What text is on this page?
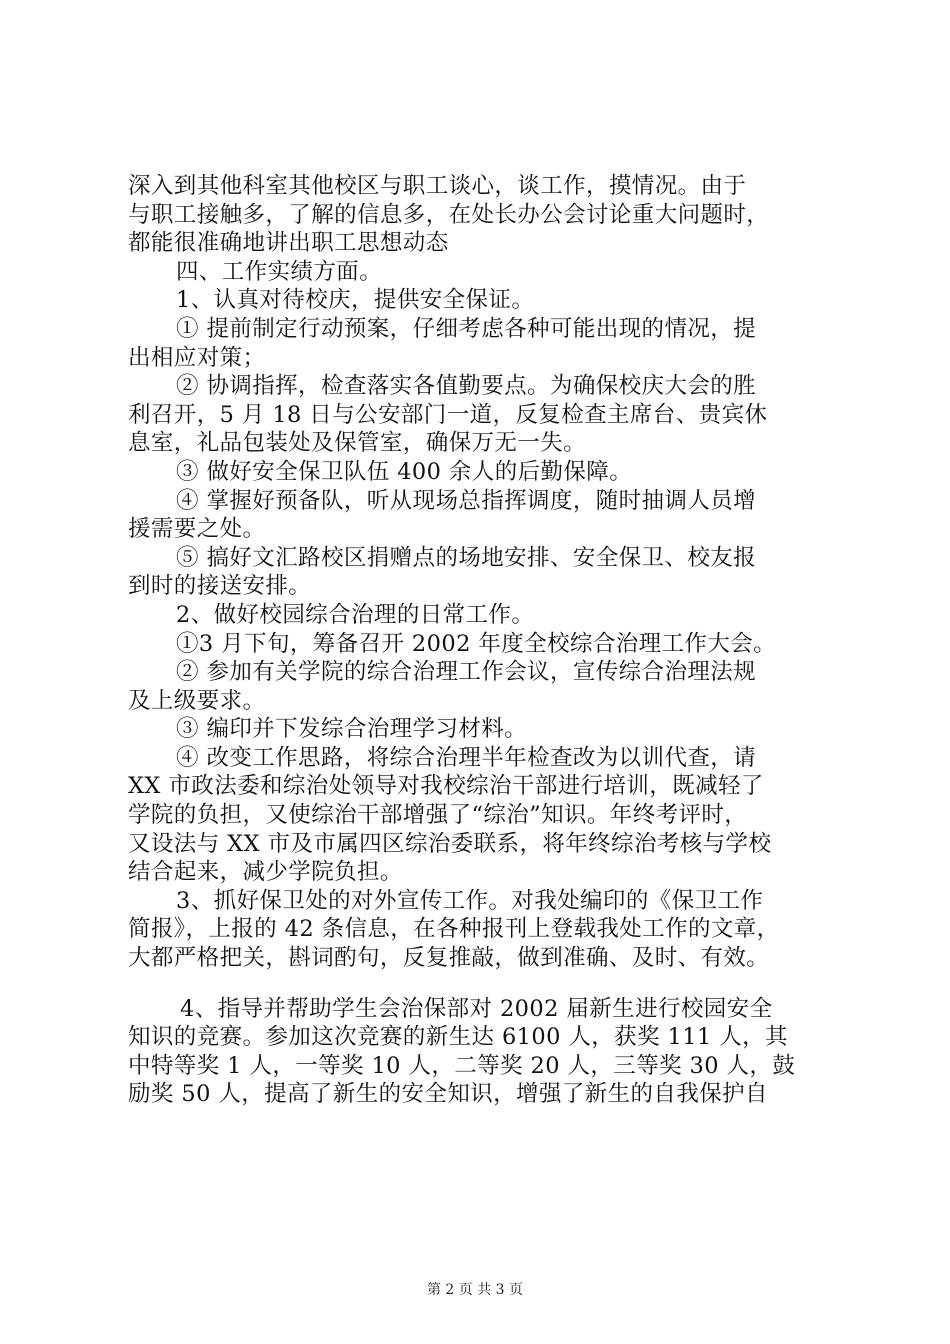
深入到其他科室其他校区与职工谈心，谈工作，摸情况。由于
与职工接触多，了解的信息多，在处长办公会讨论重大问题时，
都能很准确地讲出职工思想动态
四、工作实绩方面。
1、认真对待校庆，提供安全保证。
① 提前制定行动预案，仔细考虑各种可能出现的情况，提
出相应对策；
② 协调指挥，检查落实各值勤要点。为确保校庆大会的胜
利召开，5 月 18 日与公安部门一道，反复检查主席台、贵宾休
息室，礼品包装处及保管室，确保万无一失。
③ 做好安全保卫队伍 400 余人的后勤保障。
④ 掌握好预备队，听从现场总指挥调度，随时抽调人员增
援需要之处。
⑤ 搞好文汇路校区捐赠点的场地安排、安全保卫、校友报
到时的接送安排。
2、做好校园综合治理的日常工作。
①3 月下旬，筹备召开 2002 年度全校综合治理工作大会。
② 参加有关学院的综合治理工作会议，宣传综合治理法规
及上级要求。
③ 编印并下发综合治理学习材料。
④ 改变工作思路，将综合治理半年检查改为以训代查，请
XX 市政法委和综治处领导对我校综治干部进行培训，既减轻了
学院的负担，又使综治干部增强了“综治”知识。年终考评时，
又设法与 XX 市及市属四区综治委联系，将年终综治考核与学校
结合起来，减少学院负担。
3、抓好保卫处的对外宣传工作。对我处编印的《保卫工作
简报》，上报的 42 条信息，在各种报刊上登载我处工作的文章，
大都严格把关，斟词酌句，反复推敲，做到准确、及时、有效。
4、指导并帮助学生会治保部对 2002 届新生进行校园安全
知识的竞赛。参加这次竞赛的新生达 6100 人，获奖 111 人，其
中特等奖 1 人，一等奖 10 人，二等奖 20 人，三等奖 30 人，鼓
励奖 50 人，提高了新生的安全知识，增强了新生的自我保护自
第 2 页 共 3 页
